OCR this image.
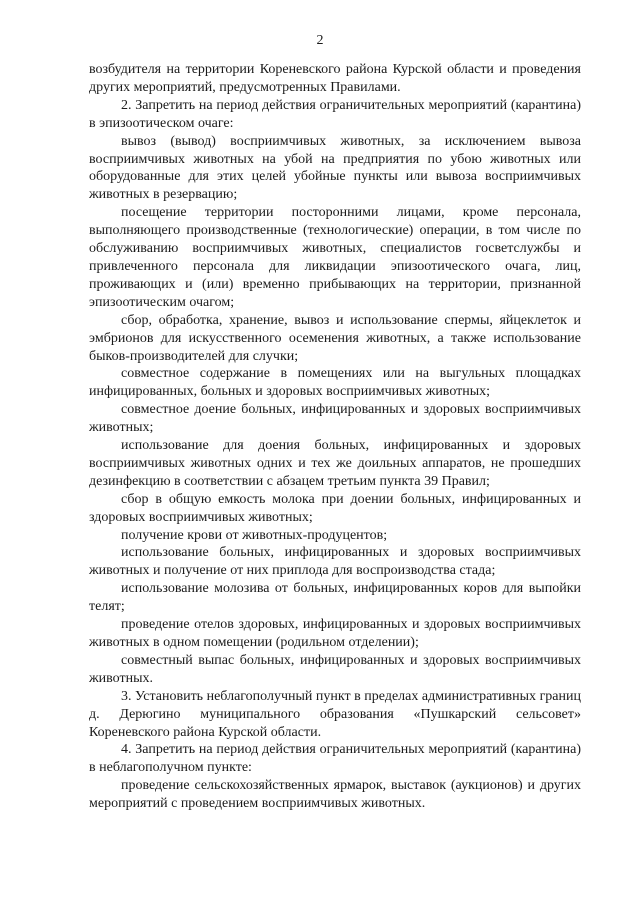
2

возбудителя на территории Кореневского района Курской области и проведения других мероприятий, предусмотренных Правилами.

2. Запретить на период действия ограничительных мероприятий (карантина) в эпизоотическом очаге:

вывоз (вывод) восприимчивых животных, за исключением вывоза восприимчивых животных на убой на предприятия по убою животных или оборудованные для этих целей убойные пункты или вывоза восприимчивых животных в резервацию;

посещение территории посторонними лицами, кроме персонала, выполняющего производственные (технологические) операции, в том числе по обслуживанию восприимчивых животных, специалистов госветслужбы и привлеченного персонала для ликвидации эпизоотического очага, лиц, проживающих и (или) временно прибывающих на территории, признанной эпизоотическим очагом;

сбор, обработка, хранение, вывоз и использование спермы, яйцеклеток и эмбрионов для искусственного осеменения животных, а также использование быков-производителей для случки;

совместное содержание в помещениях или на выгульных площадках инфицированных, больных и здоровых восприимчивых животных;

совместное доение больных, инфицированных и здоровых восприимчивых животных;

использование для доения больных, инфицированных и здоровых восприимчивых животных одних и тех же доильных аппаратов, не прошедших дезинфекцию в соответствии с абзацем третьим пункта 39 Правил;

сбор в общую емкость молока при доении больных, инфицированных и здоровых восприимчивых животных;

получение крови от животных-продуцентов;

использование больных, инфицированных и здоровых восприимчивых животных и получение от них приплода для воспроизводства стада;

использование молозива от больных, инфицированных коров для выпойки телят;

проведение отелов здоровых, инфицированных и здоровых восприимчивых животных в одном помещении (родильном отделении);

совместный выпас больных, инфицированных и здоровых восприимчивых животных.

3. Установить неблагополучный пункт в пределах административных границ д. Дерюгино муниципального образования «Пушкарский сельсовет» Кореневского района Курской области.

4. Запретить на период действия ограничительных мероприятий (карантина) в неблагополучном пункте:

проведение сельскохозяйственных ярмарок, выставок (аукционов) и других мероприятий с проведением восприимчивых животных.
